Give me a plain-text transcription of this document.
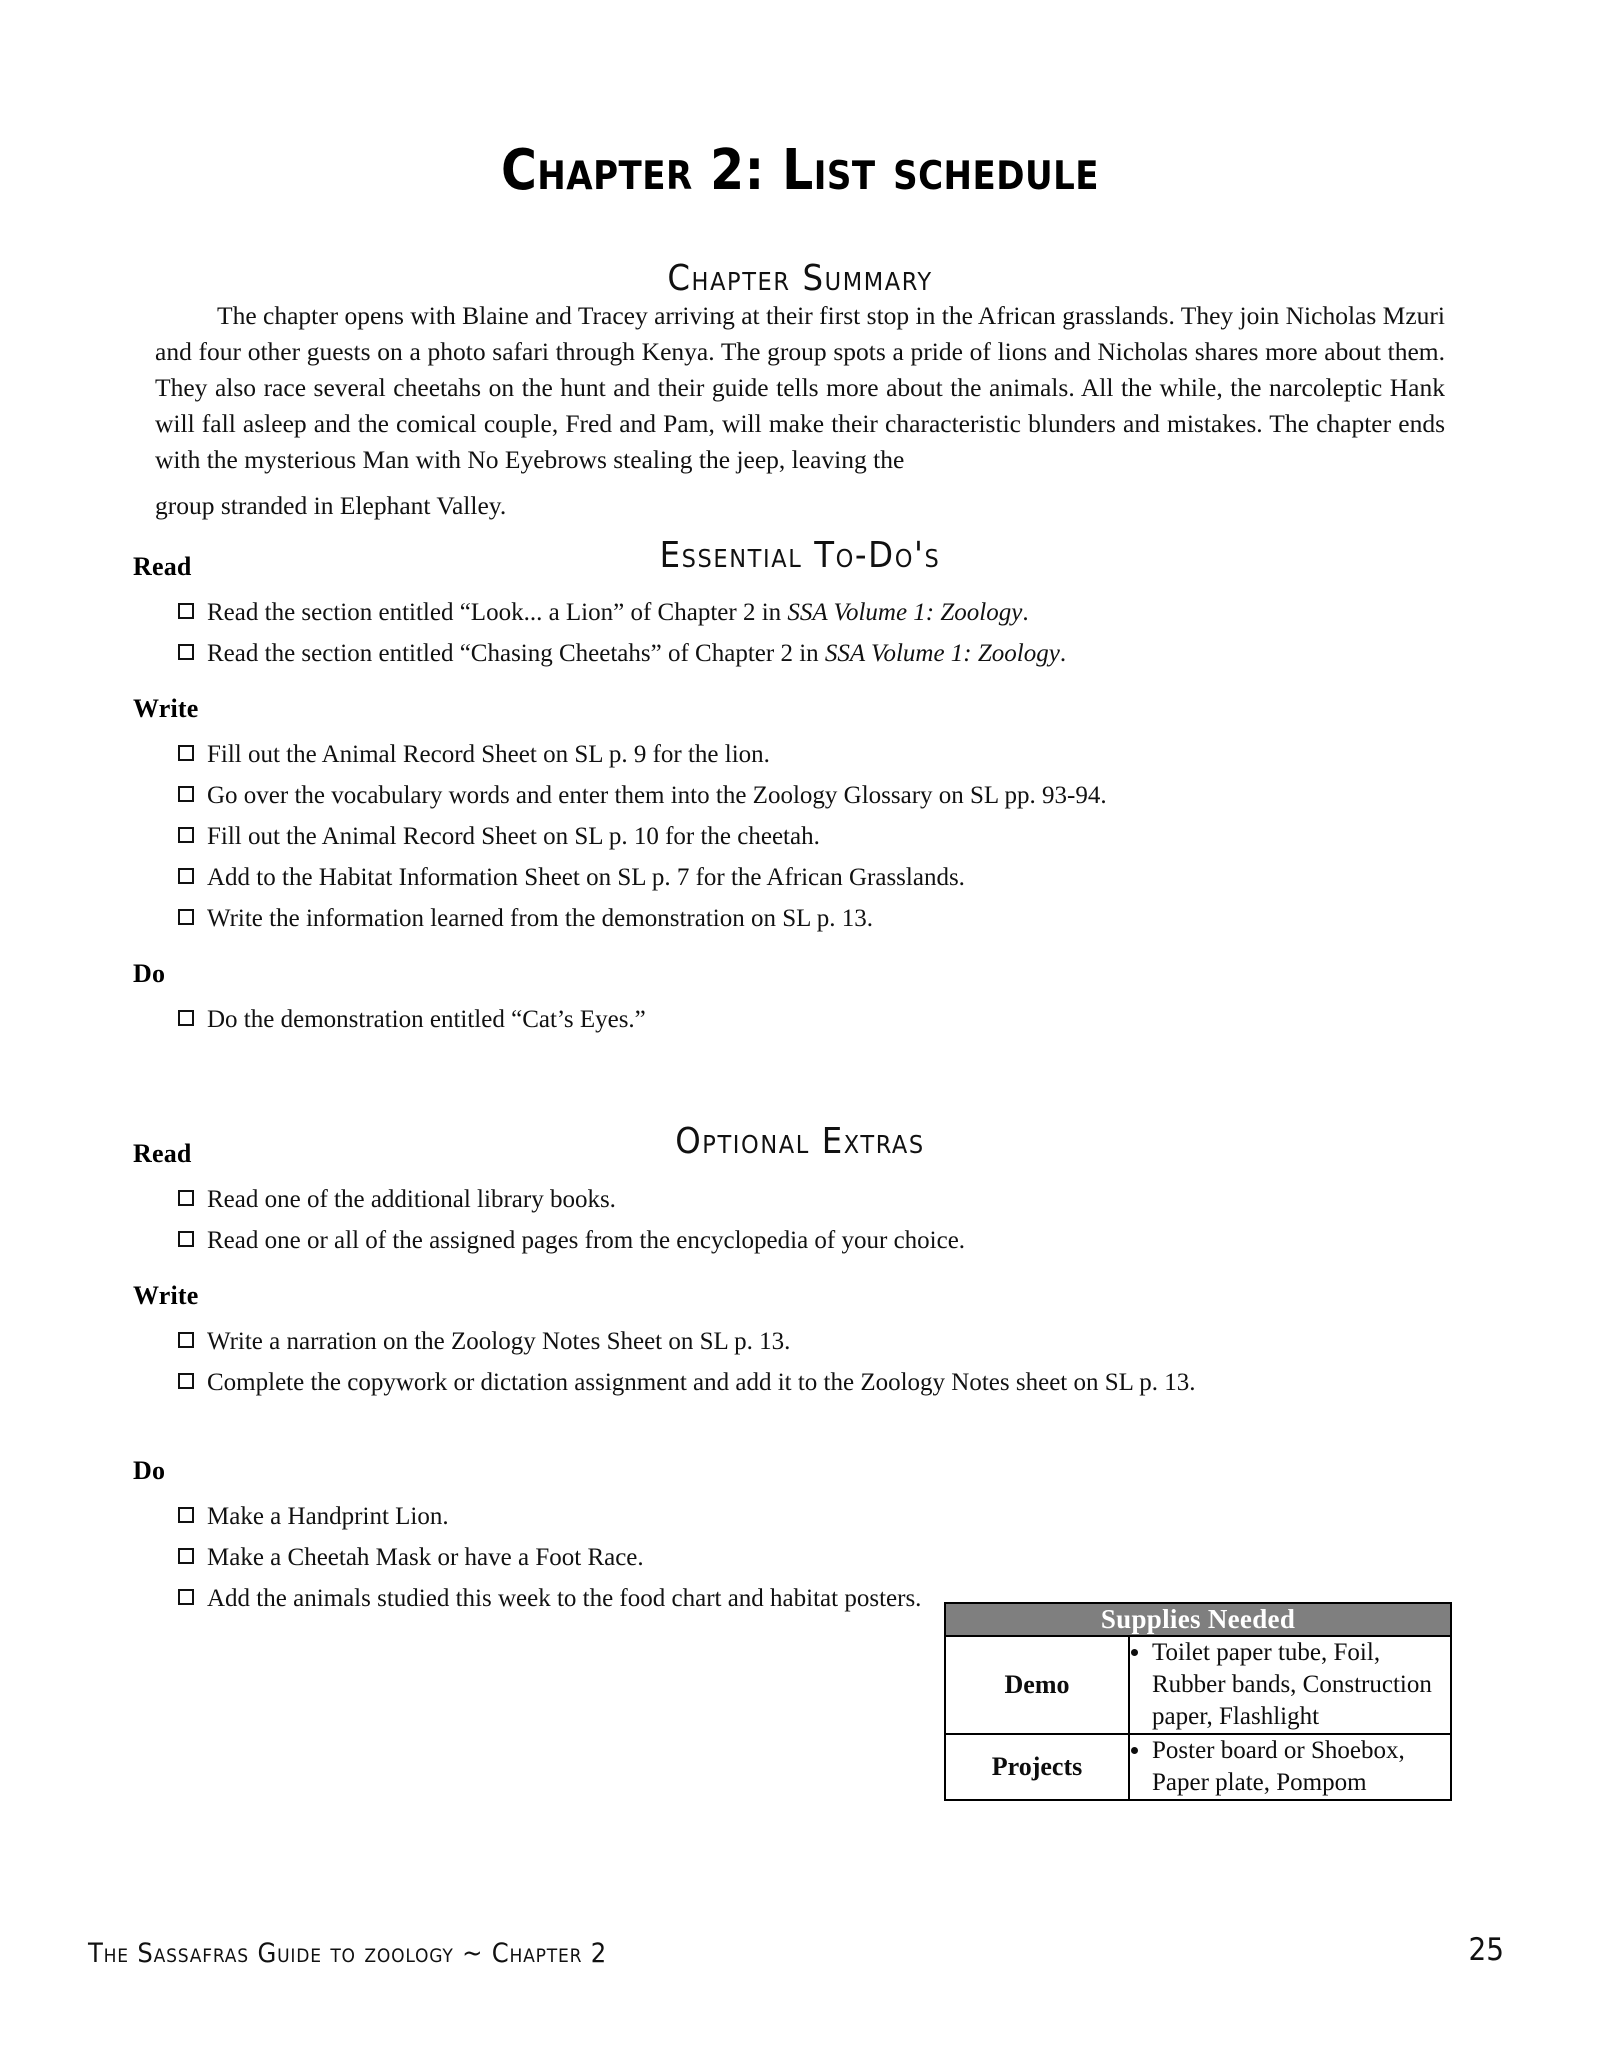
Chapter 2: List schedule
Chapter Summary

The chapter opens with Blaine and Tracey arriving at their first stop in the African grasslands. They join Nicholas Mzuri and four other guests on a photo safari through Kenya. The group spots a pride of lions and Nicholas shares more about them. They also race several cheetahs on the hunt and their guide tells more about the animals. All the while, the narcoleptic Hank will fall asleep and the comical couple, Fred and Pam, will make their characteristic blunders and mistakes. The chapter ends with the mysterious Man with No Eyebrows stealing the jeep, leaving the
group stranded in Elephant Valley.

Essential To-Do's
Read
Read the section entitled “Look... a Lion” of Chapter 2 in SSA Volume 1: Zoology.
Read the section entitled “Chasing Cheetahs” of Chapter 2 in SSA Volume 1: Zoology.
Write
Fill out the Animal Record Sheet on SL p. 9 for the lion.
Go over the vocabulary words and enter them into the Zoology Glossary on SL pp. 93-94.
Fill out the Animal Record Sheet on SL p. 10 for the cheetah.
Add to the Habitat Information Sheet on SL p. 7 for the African Grasslands.
Write the information learned from the demonstration on SL p. 13.
Do
Do the demonstration entitled “Cat’s Eyes.”
Optional Extras
Read
Read one of the additional library books.
Read one or all of the assigned pages from the encyclopedia of your choice.
Write
Write a narration on the Zoology Notes Sheet on SL p. 13.
Complete the copywork or dictation assignment and add it to the Zoology Notes sheet on SL p. 13.
Do
Make a Handprint Lion.
Make a Cheetah Mask or have a Foot Race.
Add the animals studied this week to the food chart and habitat posters.
Supplies Needed	
Demo	
• Toilet paper tube, Foil, Rubber bands, Construction paper, Flashlight

Projects	
• Poster board or Shoebox, Paper plate, Pompom
The Sassafras Guide to zoology ~ Chapter 2	25
